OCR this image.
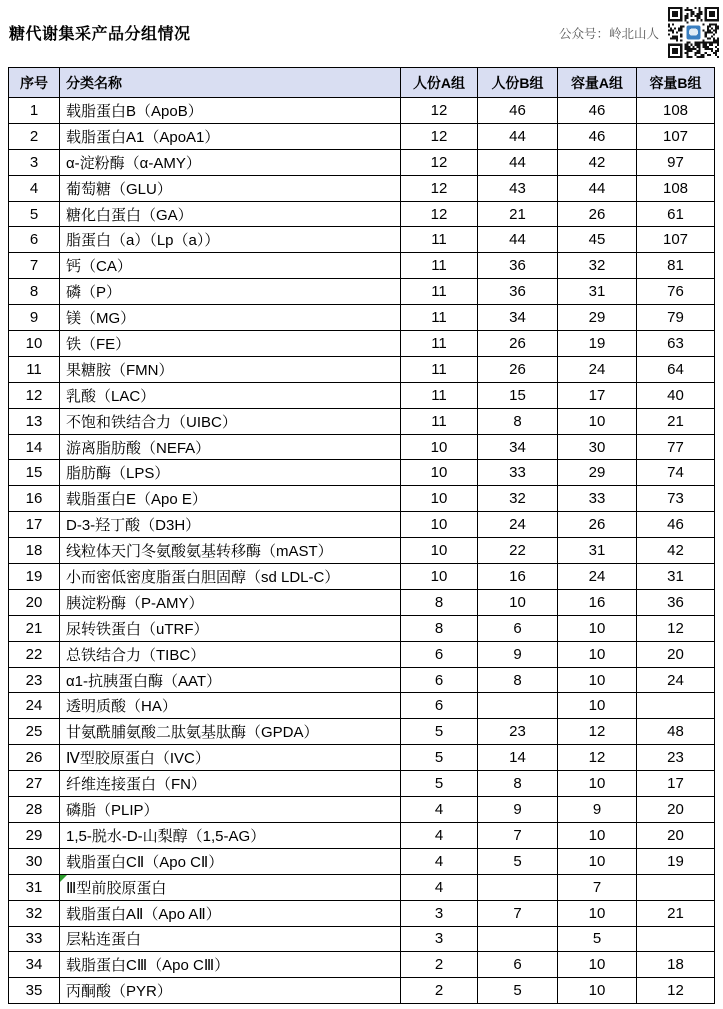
糖代谢集采产品分组情况	公众号：岭北山人
序号	分类名称	人份A组	人份B组	容量A组	容量B组
1	载脂蛋白B（ApoB）	12	46	46	108
2	载脂蛋白A1（ApoA1）	12	44	46	107
3	α-淀粉酶（α-AMY）	12	44	42	97
4	葡萄糖（GLU）	12	43	44	108
5	糖化白蛋白（GA）	12	21	26	61
6	脂蛋白（a）（Lp（a））	11	44	45	107
7	钙（CA）	11	36	32	81
8	磷（P）	11	36	31	76
9	镁（MG）	11	34	29	79
10	铁（FE）	11	26	19	63
11	果糖胺（FMN）	11	26	24	64
12	乳酸（LAC）	11	15	17	40
13	不饱和铁结合力（UIBC）	11	8	10	21
14	游离脂肪酸（NEFA）	10	34	30	77
15	脂肪酶（LPS）	10	33	29	74
16	载脂蛋白E（Apo E）	10	32	33	73
17	D-3-羟丁酸（D3H）	10	24	26	46
18	线粒体天门冬氨酸氨基转移酶（mAST）	10	22	31	42
19	小而密低密度脂蛋白胆固醇（sd LDL-C）	10	16	24	31
20	胰淀粉酶（P-AMY）	8	10	16	36
21	尿转铁蛋白（uTRF）	8	6	10	12
22	总铁结合力（TIBC）	6	9	10	20
23	α1-抗胰蛋白酶（AAT）	6	8	10	24
24	透明质酸（HA）	6		10	
25	甘氨酰脯氨酸二肽氨基肽酶（GPDA）	5	23	12	48
26	Ⅳ型胶原蛋白（IVC）	5	14	12	23
27	纤维连接蛋白（FN）	5	8	10	17
28	磷脂（PLIP）	4	9	9	20
29	1,5-脱水-D-山梨醇（1,5-AG）	4	7	10	20
30	载脂蛋白CⅡ（Apo CⅡ）	4	5	10	19
31	Ⅲ型前胶原蛋白	4		7	
32	载脂蛋白AⅡ（Apo AⅡ）	3	7	10	21
33	层粘连蛋白	3		5	
34	载脂蛋白CⅢ（Apo CⅢ）	2	6	10	18
35	丙酮酸（PYR）	2	5	10	12
